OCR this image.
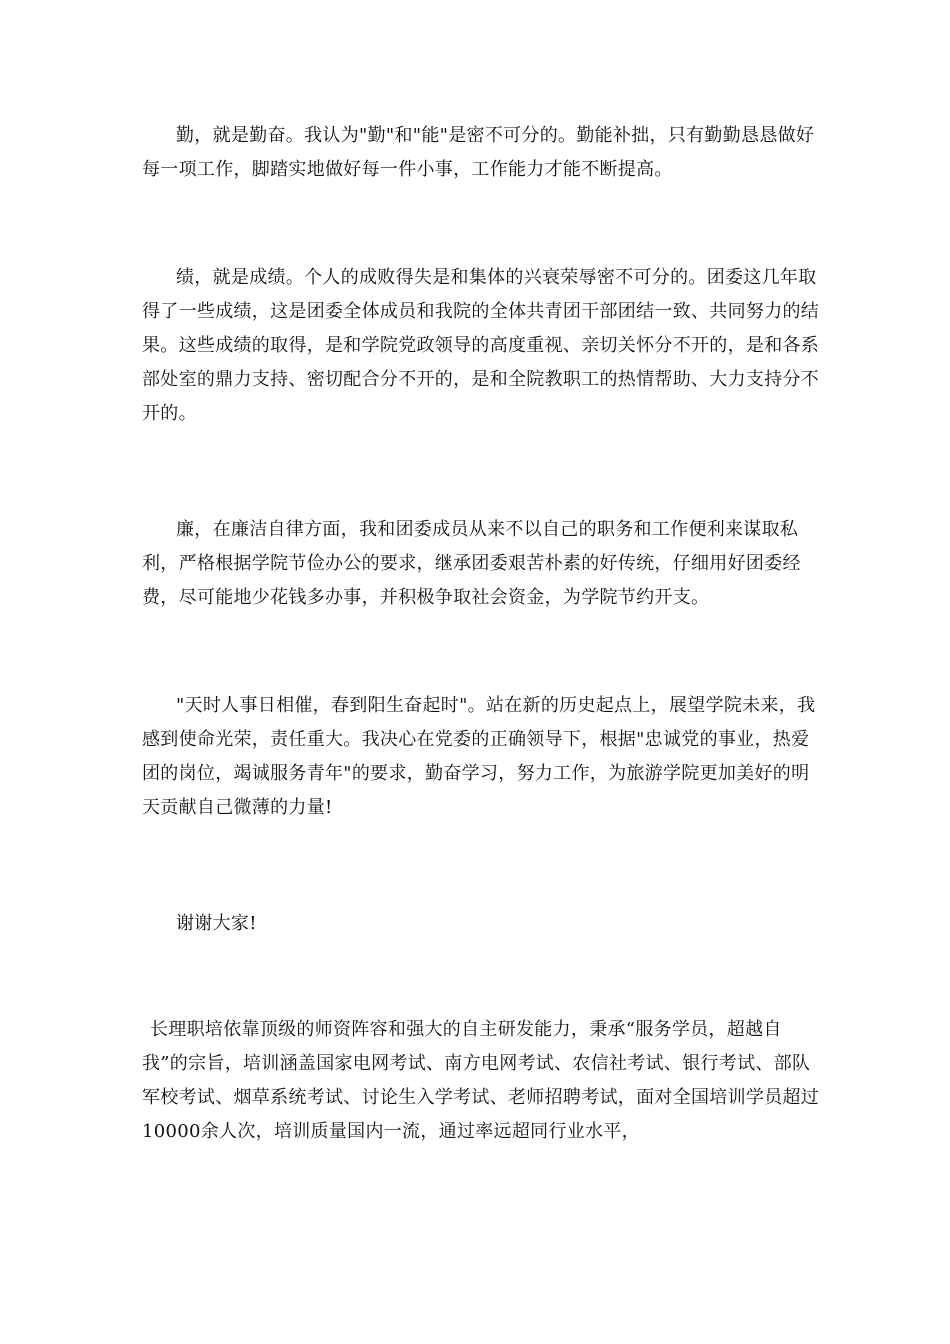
勤，就是勤奋。我认为"勤"和"能"是密不可分的。勤能补拙，只有勤勤恳恳做好每一项工作，脚踏实地做好每一件小事，工作能力才能不断提高。

绩，就是成绩。个人的成败得失是和集体的兴衰荣辱密不可分的。团委这几年取得了一些成绩，这是团委全体成员和我院的全体共青团干部团结一致、共同努力的结果。这些成绩的取得，是和学院党政领导的高度重视、亲切关怀分不开的，是和各系部处室的鼎力支持、密切配合分不开的，是和全院教职工的热情帮助、大力支持分不开的。

廉，在廉洁自律方面，我和团委成员从来不以自己的职务和工作便利来谋取私利，严格根据学院节俭办公的要求，继承团委艰苦朴素的好传统，仔细用好团委经费，尽可能地少花钱多办事，并积极争取社会资金，为学院节约开支。

"天时人事日相催，春到阳生奋起时"。站在新的历史起点上，展望学院未来，我感到使命光荣，责任重大。我决心在党委的正确领导下，根据"忠诚党的事业，热爱团的岗位，竭诚服务青年"的要求，勤奋学习，努力工作，为旅游学院更加美好的明天贡献自己微薄的力量!

谢谢大家!

长理职培依靠顶级的师资阵容和强大的自主研发能力，秉承“服务学员，超越自我”的宗旨，培训涵盖国家电网考试、南方电网考试、农信社考试、银行考试、部队军校考试、烟草系统考试、讨论生入学考试、老师招聘考试，面对全国培训学员超过10000余人次，培训质量国内一流，通过率远超同行业水平，
